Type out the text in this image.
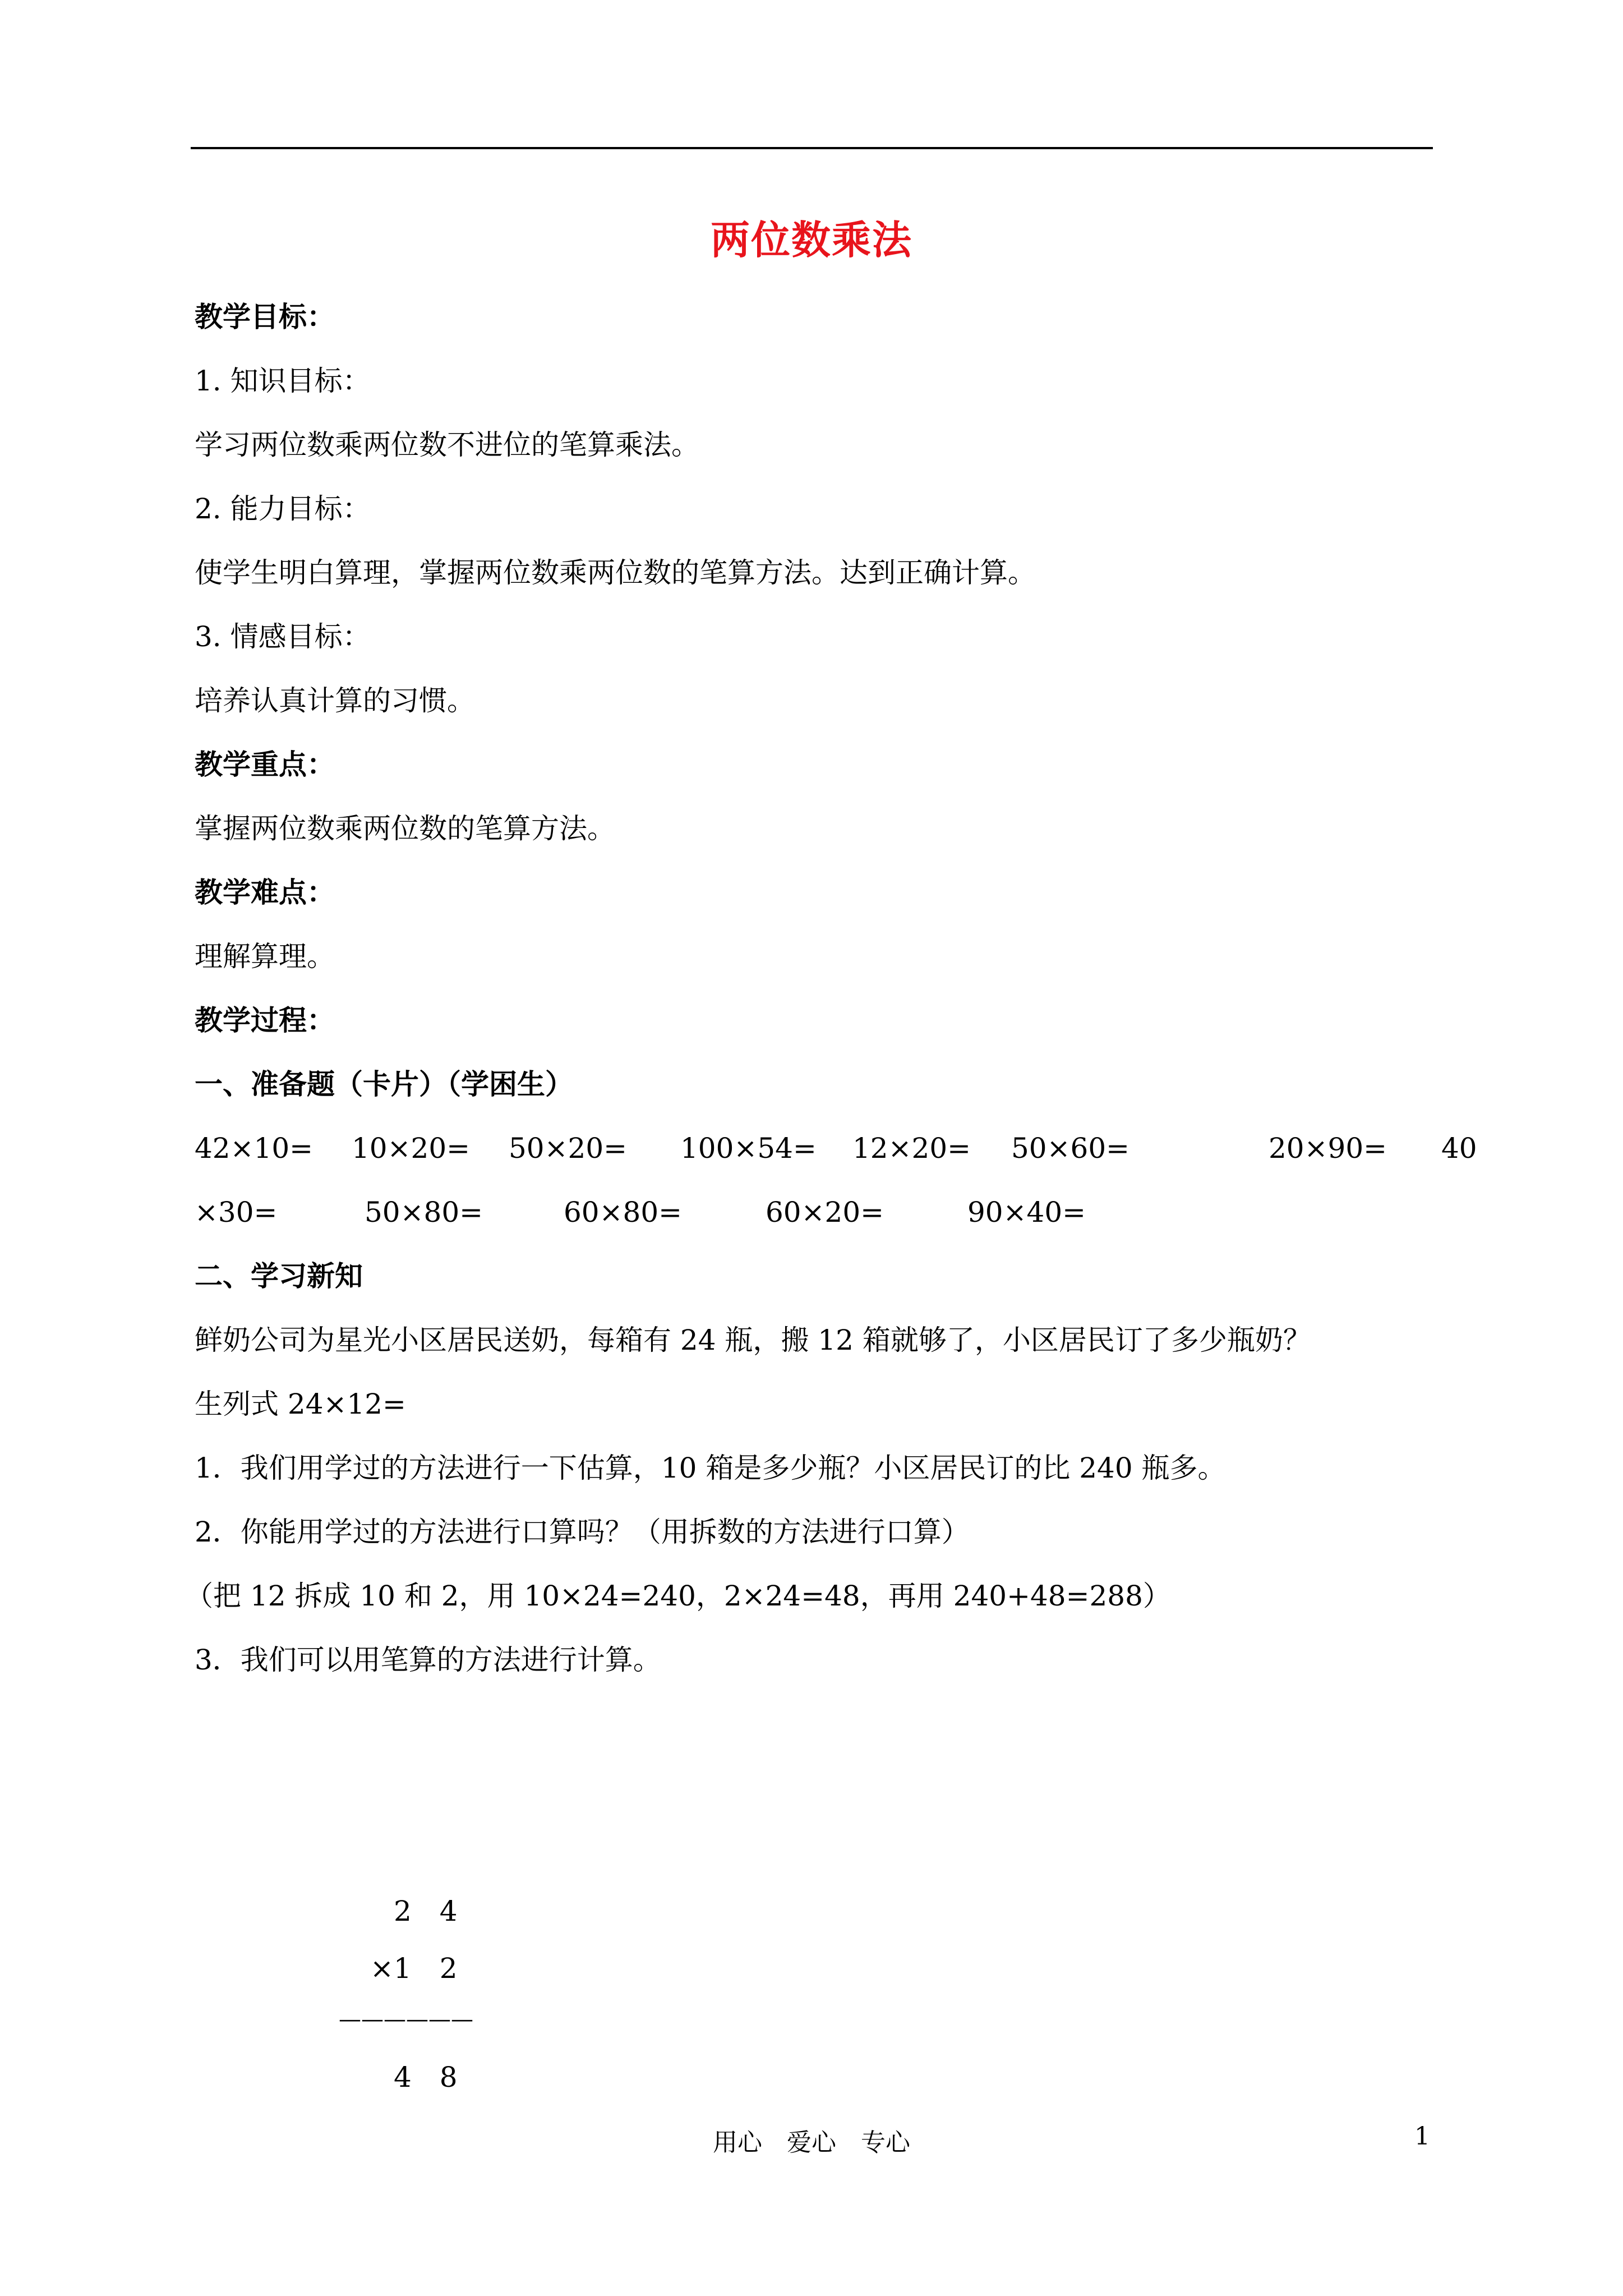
两位数乘法
教学目标：
1. 知识目标：
学习两位数乘两位数不进位的笔算乘法。
2. 能力目标：
使学生明白算理，掌握两位数乘两位数的笔算方法。达到正确计算。
3. 情感目标：
培养认真计算的习惯。
教学重点：
掌握两位数乘两位数的笔算方法。
教学难点：
理解算理。
教学过程：
一、准备题（卡片）（学困生）
42×10= 10×20= 50×20= 100×54= 12×20= 50×60=	20×90= 40
×30=	50×80=	60×80=	60×20=	90×40=
二、学习新知
鲜奶公司为星光小区居民送奶，每箱有 24 瓶，搬 12 箱就够了，小区居民订了多少瓶奶？
生列式 24×12=
1．我们用学过的方法进行一下估算，10 箱是多少瓶？小区居民订的比 240 瓶多。
2．你能用学过的方法进行口算吗？（用拆数的方法进行口算）
（把 12 拆成 10 和 2，用 10×24=240，2×24=48，再用 240+48=288）
3．我们可以用笔算的方法进行计算。
2　4
×1　2
——————
4　8
用心　爱心　专心	1
